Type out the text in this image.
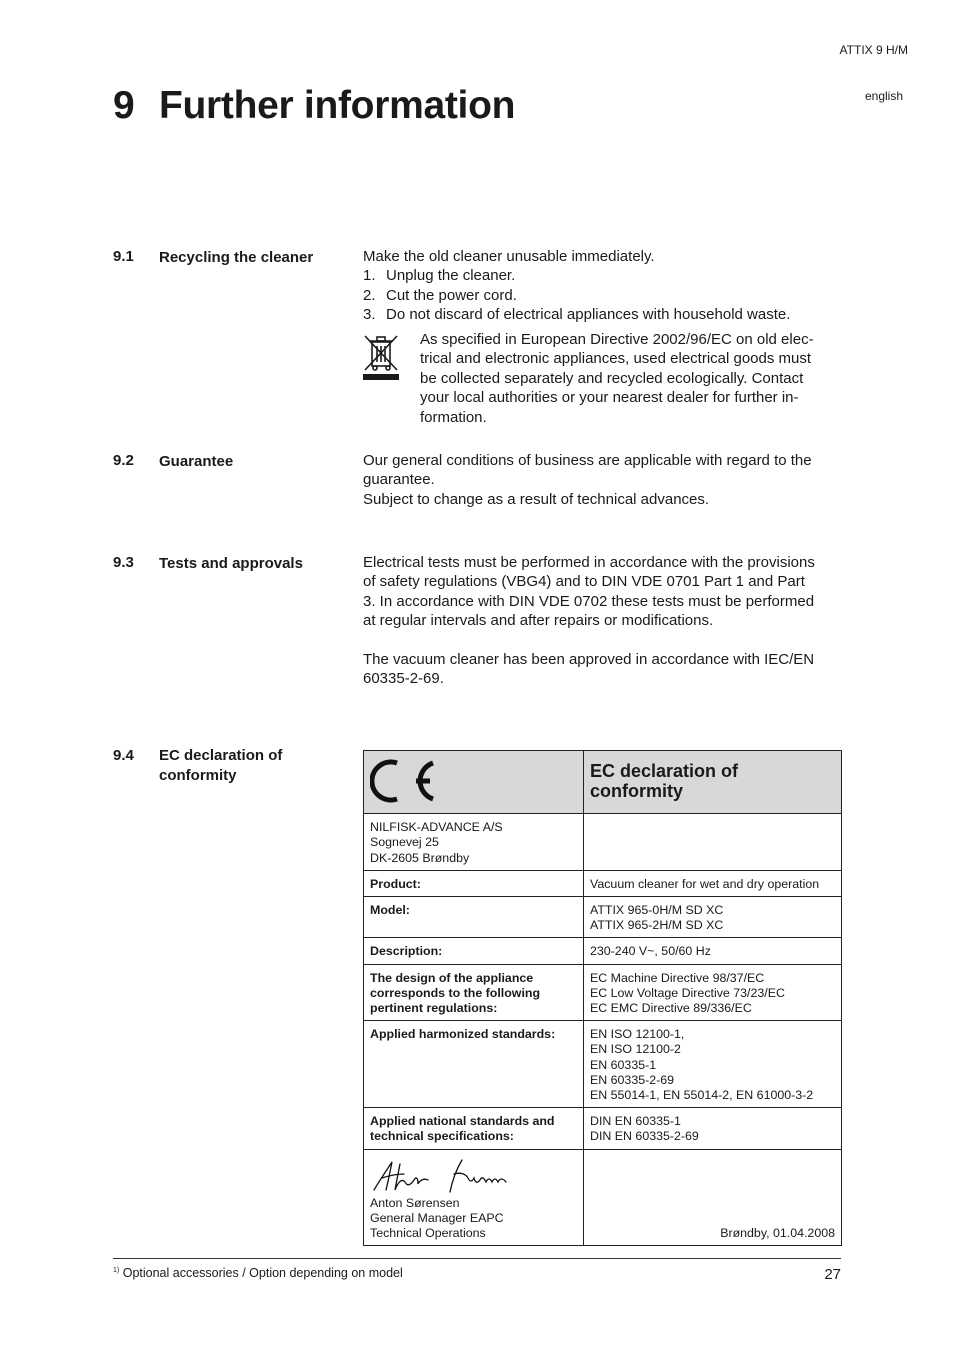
ATTIX 9 H/M
english
9 Further information
9.1 Recycling the cleaner	Make the old cleaner unusable immediately.

1. Unplug the cleaner.
2. Cut the power cord.
3. Do not discard of electrical appliances with household waste.
As specified in European Directive 2002/96/EC on old elec-
trical and electronic appliances, used electrical goods must
be collected separately and recycled ecologically. Contact
your local authorities or your nearest dealer for further in-
formation.
9.2 Guarantee	Our general conditions of business are applicable with regard to the
guarantee.
Subject to change as a result of technical advances.
9.3 Tests and approvals	Electrical tests must be performed in accordance with the provisions
of safety regulations (VBG4) and to DIN VDE 0701 Part 1 and Part
3. In accordance with DIN VDE 0702 these tests must be performed
at regular intervals and after repairs or modifications.
The vacuum cleaner has been approved in accordance with IEC/EN
60335-2-69.
9.4 EC declaration of
conformity
		EC declaration of
conformity

NILFISK-ADVANCE A/S
Sognevej 25
DK-2605 Brøndby	

Product:	Vacuum cleaner for wet and dry operation
Model:	ATTIX 965-0H/M SD XC
ATTIX 965-2H/M SD XC

Description:	230-240 V~, 50/60 Hz

The design of the appliance
corresponds to the following
pertinent regulations:	EC Machine Directive 98/37/EC
EC Low Voltage Directive 73/23/EC
EC EMC Directive 89/336/EC

Applied harmonized standards:	EN ISO 12100-1,
EN ISO 12100-2
EN 60335-1
EN 60335-2-69
EN 55014-1, EN 55014-2, EN 61000-3-2

Applied national standards and
technical specifications:	DIN EN 60335-1
DIN EN 60335-2-69

Anton Sørensen
General Manager EAPC
Technical Operations	Brøndby, 01.04.2008
$^{1)}$ Optional accessories / Option depending on model	27
